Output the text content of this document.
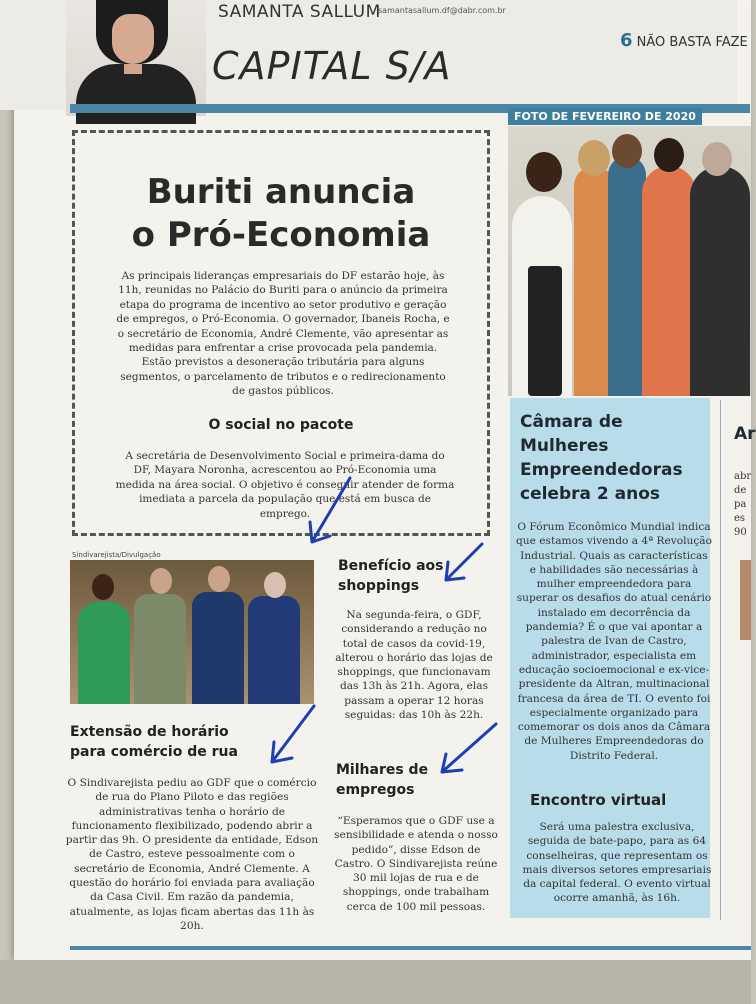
SAMANTA SALLUM
samantasallum.df@dabr.com.br
CAPITAL S/A
6 NÃO BASTA FAZE
Buriti anuncia
o Pró-Economia
As principais lideranças empresariais do DF estarão hoje, às 11h, reunidas no Palácio do Buriti para o anúncio da primeira etapa do programa de incentivo ao setor produtivo e geração de empregos, o Pró-Economia. O governador, Ibaneis Rocha, e o secretário de Economia, André Clemente, vão apresentar as medidas para enfrentar a crise provocada pela pandemia. Estão previstos a desoneração tributária para alguns segmentos, o parcelamento de tributos e o redirecionamento de gastos públicos.
O social no pacote
A secretária de Desenvolvimento Social e primeira-dama do DF, Mayara Noronha, acrescentou ao Pró-Economia uma medida na área social. O objetivo é conseguir atender de forma imediata a parcela da população que está em busca de emprego.
FOTO DE FEVEREIRO DE 2020
Sindivarejista/Divulgação
Benefício aos
shoppings
Na segunda-feira, o GDF, considerando a redução no total de casos da covid-19, alterou o horário das lojas de shoppings, que funcionavam das 13h às 21h. Agora, elas passam a operar 12 horas seguidas: das 10h às 22h.
Extensão de horário
para comércio de rua
O Sindivarejista pediu ao GDF que o comércio de rua do Plano Piloto e das regiões administrativas tenha o horário de funcionamento flexibilizado, podendo abrir a partir das 9h. O presidente da entidade, Edson de Castro, esteve pessoalmente com o secretário de Economia, André Clemente. A questão do horário foi enviada para avaliação da Casa Civil. Em razão da pandemia, atualmente, as lojas ficam abertas das 11h às 20h.
Milhares de
empregos
“Esperamos que o GDF use a sensibilidade e atenda o nosso pedido”, disse Edson de Castro. O Sindivarejista reúne 30 mil lojas de rua e de shoppings, onde trabalham cerca de 100 mil pessoas.
Câmara de
Mulheres
Empreendedoras
celebra 2 anos
O Fórum Econômico Mundial indica que estamos vivendo a 4ª Revolução Industrial. Quais as características e habilidades são necessárias à mulher empreendedora para superar os desafios do atual cenário instalado em decorrência da pandemia? É o que vai apontar a palestra de Ivan de Castro, administrador, especialista em educação socioemocional e ex-vice-presidente da Altran, multinacional francesa da área de TI. O evento foi especialmente organizado para comemorar os dois anos da Câmara de Mulheres Empreendedoras do Distrito Federal.
Encontro virtual
Será uma palestra exclusiva, seguida de bate-papo, para as 64 conselheiras, que representam os mais diversos setores empresariais da capital federal. O evento virtual ocorre amanhã, às 16h.
Ar
abr de pa es 90
